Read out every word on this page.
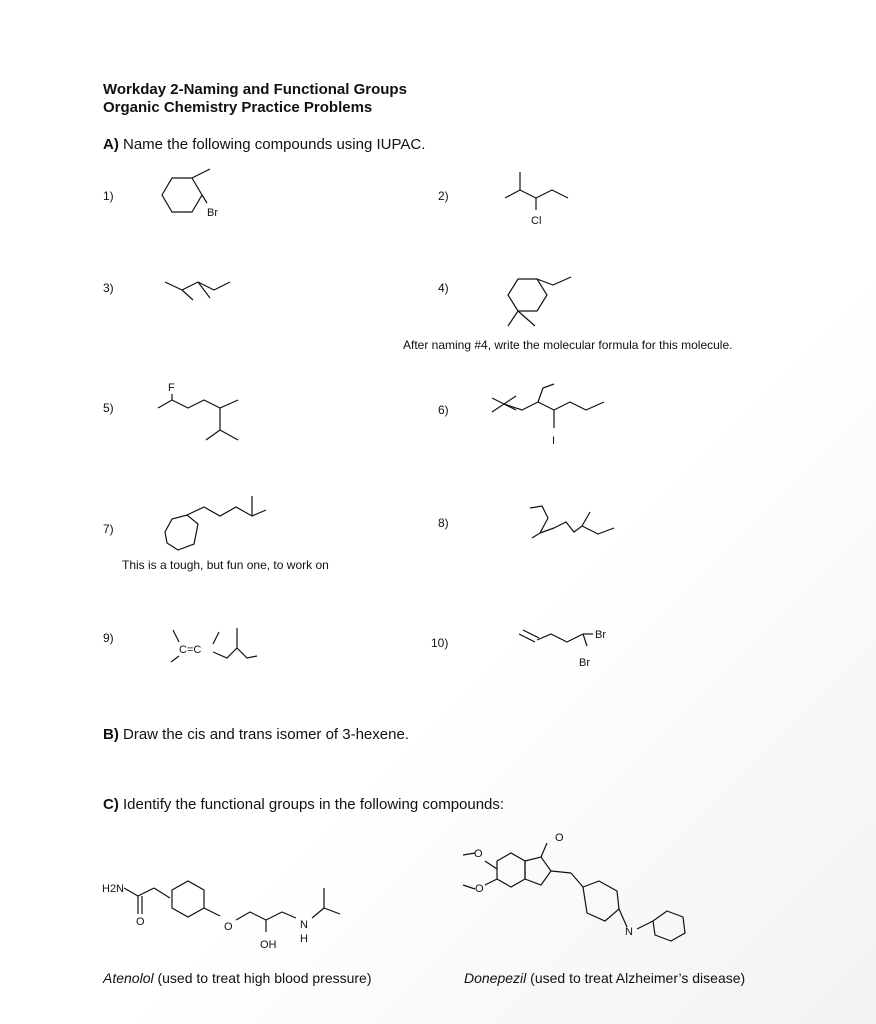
Workday 2-Naming and Functional Groups
Organic Chemistry Practice Problems
A) Name the following compounds using IUPAC.
1)	2)
3)	4)
5)	6)
7)	8)
9)	10)
After naming #4, write the molecular formula for this molecule.
This is a tough, but fun one, to work on
B) Draw the cis and trans isomer of 3-hexene.
C) Identify the functional groups in the following compounds:
Br
Cl
F
I
C=C
Br
Br
H2N
O	O
OH
N
H
O
O
O
N
Atenolol (used to treat high blood pressure)	Donepezil (used to treat Alzheimer’s disease)
